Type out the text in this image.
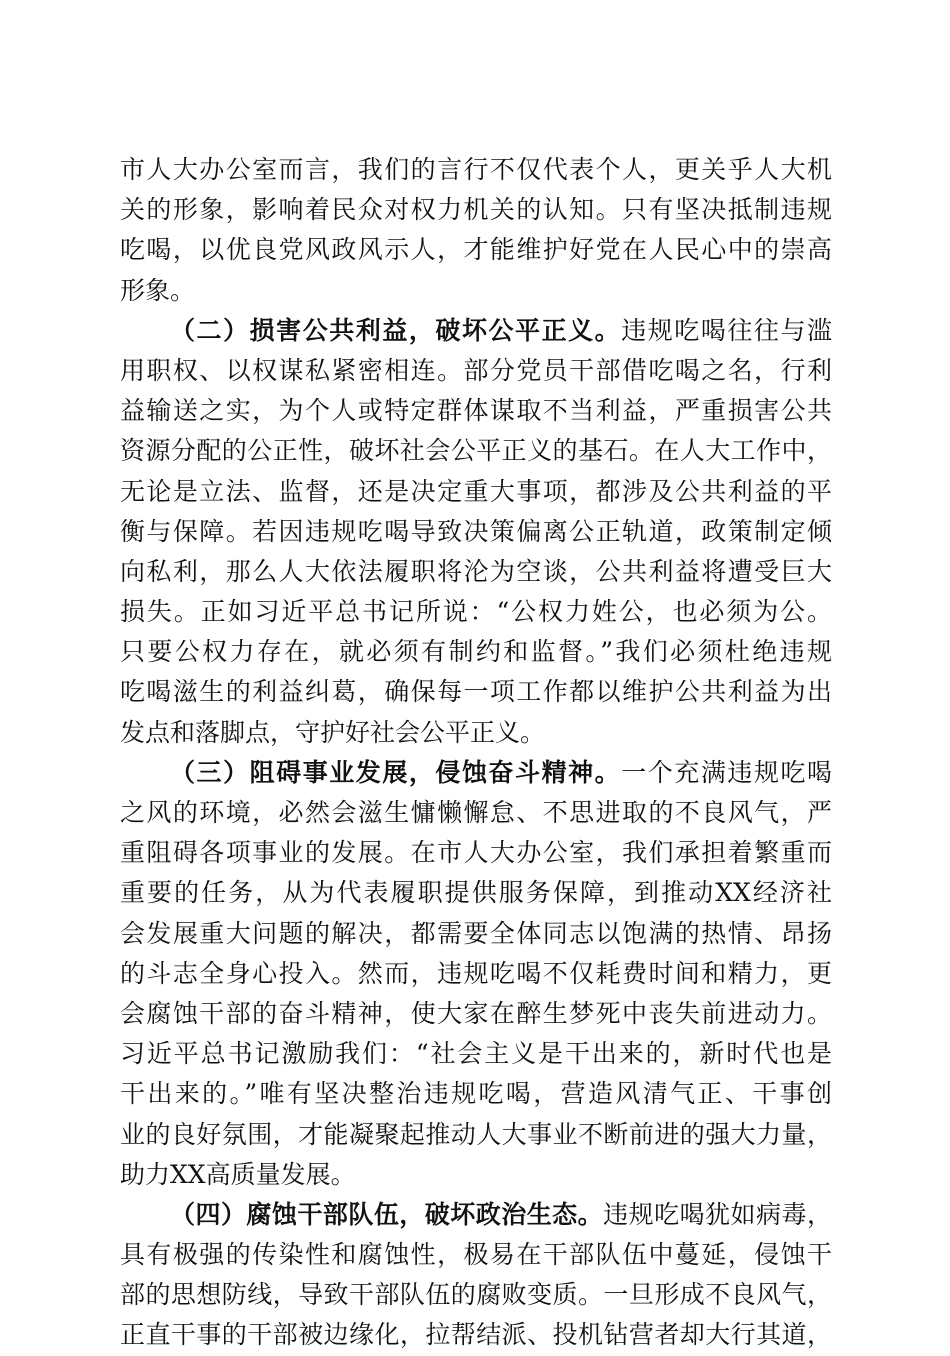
市人大办公室而言，我们的言行不仅代表个人，更关乎人大机
关的形象，影响着民众对权力机关的认知。只有坚决抵制违规
吃喝，以优良党风政风示人，才能维护好党在人民心中的崇高
形象。
（二）损害公共利益，破坏公平正义。违规吃喝往往与滥
用职权、以权谋私紧密相连。部分党员干部借吃喝之名，行利
益输送之实，为个人或特定群体谋取不当利益，严重损害公共
资源分配的公正性，破坏社会公平正义的基石。在人大工作中，
无论是立法、监督，还是决定重大事项，都涉及公共利益的平
衡与保障。若因违规吃喝导致决策偏离公正轨道，政策制定倾
向私利，那么人大依法履职将沦为空谈，公共利益将遭受巨大
损失。正如习近平总书记所说：“公权力姓公，也必须为公。
只要公权力存在，就必须有制约和监督。”我们必须杜绝违规
吃喝滋生的利益纠葛，确保每一项工作都以维护公共利益为出
发点和落脚点，守护好社会公平正义。
（三）阻碍事业发展，侵蚀奋斗精神。一个充满违规吃喝
之风的环境，必然会滋生慵懒懈怠、不思进取的不良风气，严
重阻碍各项事业的发展。在市人大办公室，我们承担着繁重而
重要的任务，从为代表履职提供服务保障，到推动XX经济社
会发展重大问题的解决，都需要全体同志以饱满的热情、昂扬
的斗志全身心投入。然而，违规吃喝不仅耗费时间和精力，更
会腐蚀干部的奋斗精神，使大家在醉生梦死中丧失前进动力。
习近平总书记激励我们：“社会主义是干出来的，新时代也是
干出来的。”唯有坚决整治违规吃喝，营造风清气正、干事创
业的良好氛围，才能凝聚起推动人大事业不断前进的强大力量，
助力XX高质量发展。
（四）腐蚀干部队伍，破坏政治生态。违规吃喝犹如病毒，
具有极强的传染性和腐蚀性，极易在干部队伍中蔓延，侵蚀干
部的思想防线，导致干部队伍的腐败变质。一旦形成不良风气，
正直干事的干部被边缘化，拉帮结派、投机钻营者却大行其道，
